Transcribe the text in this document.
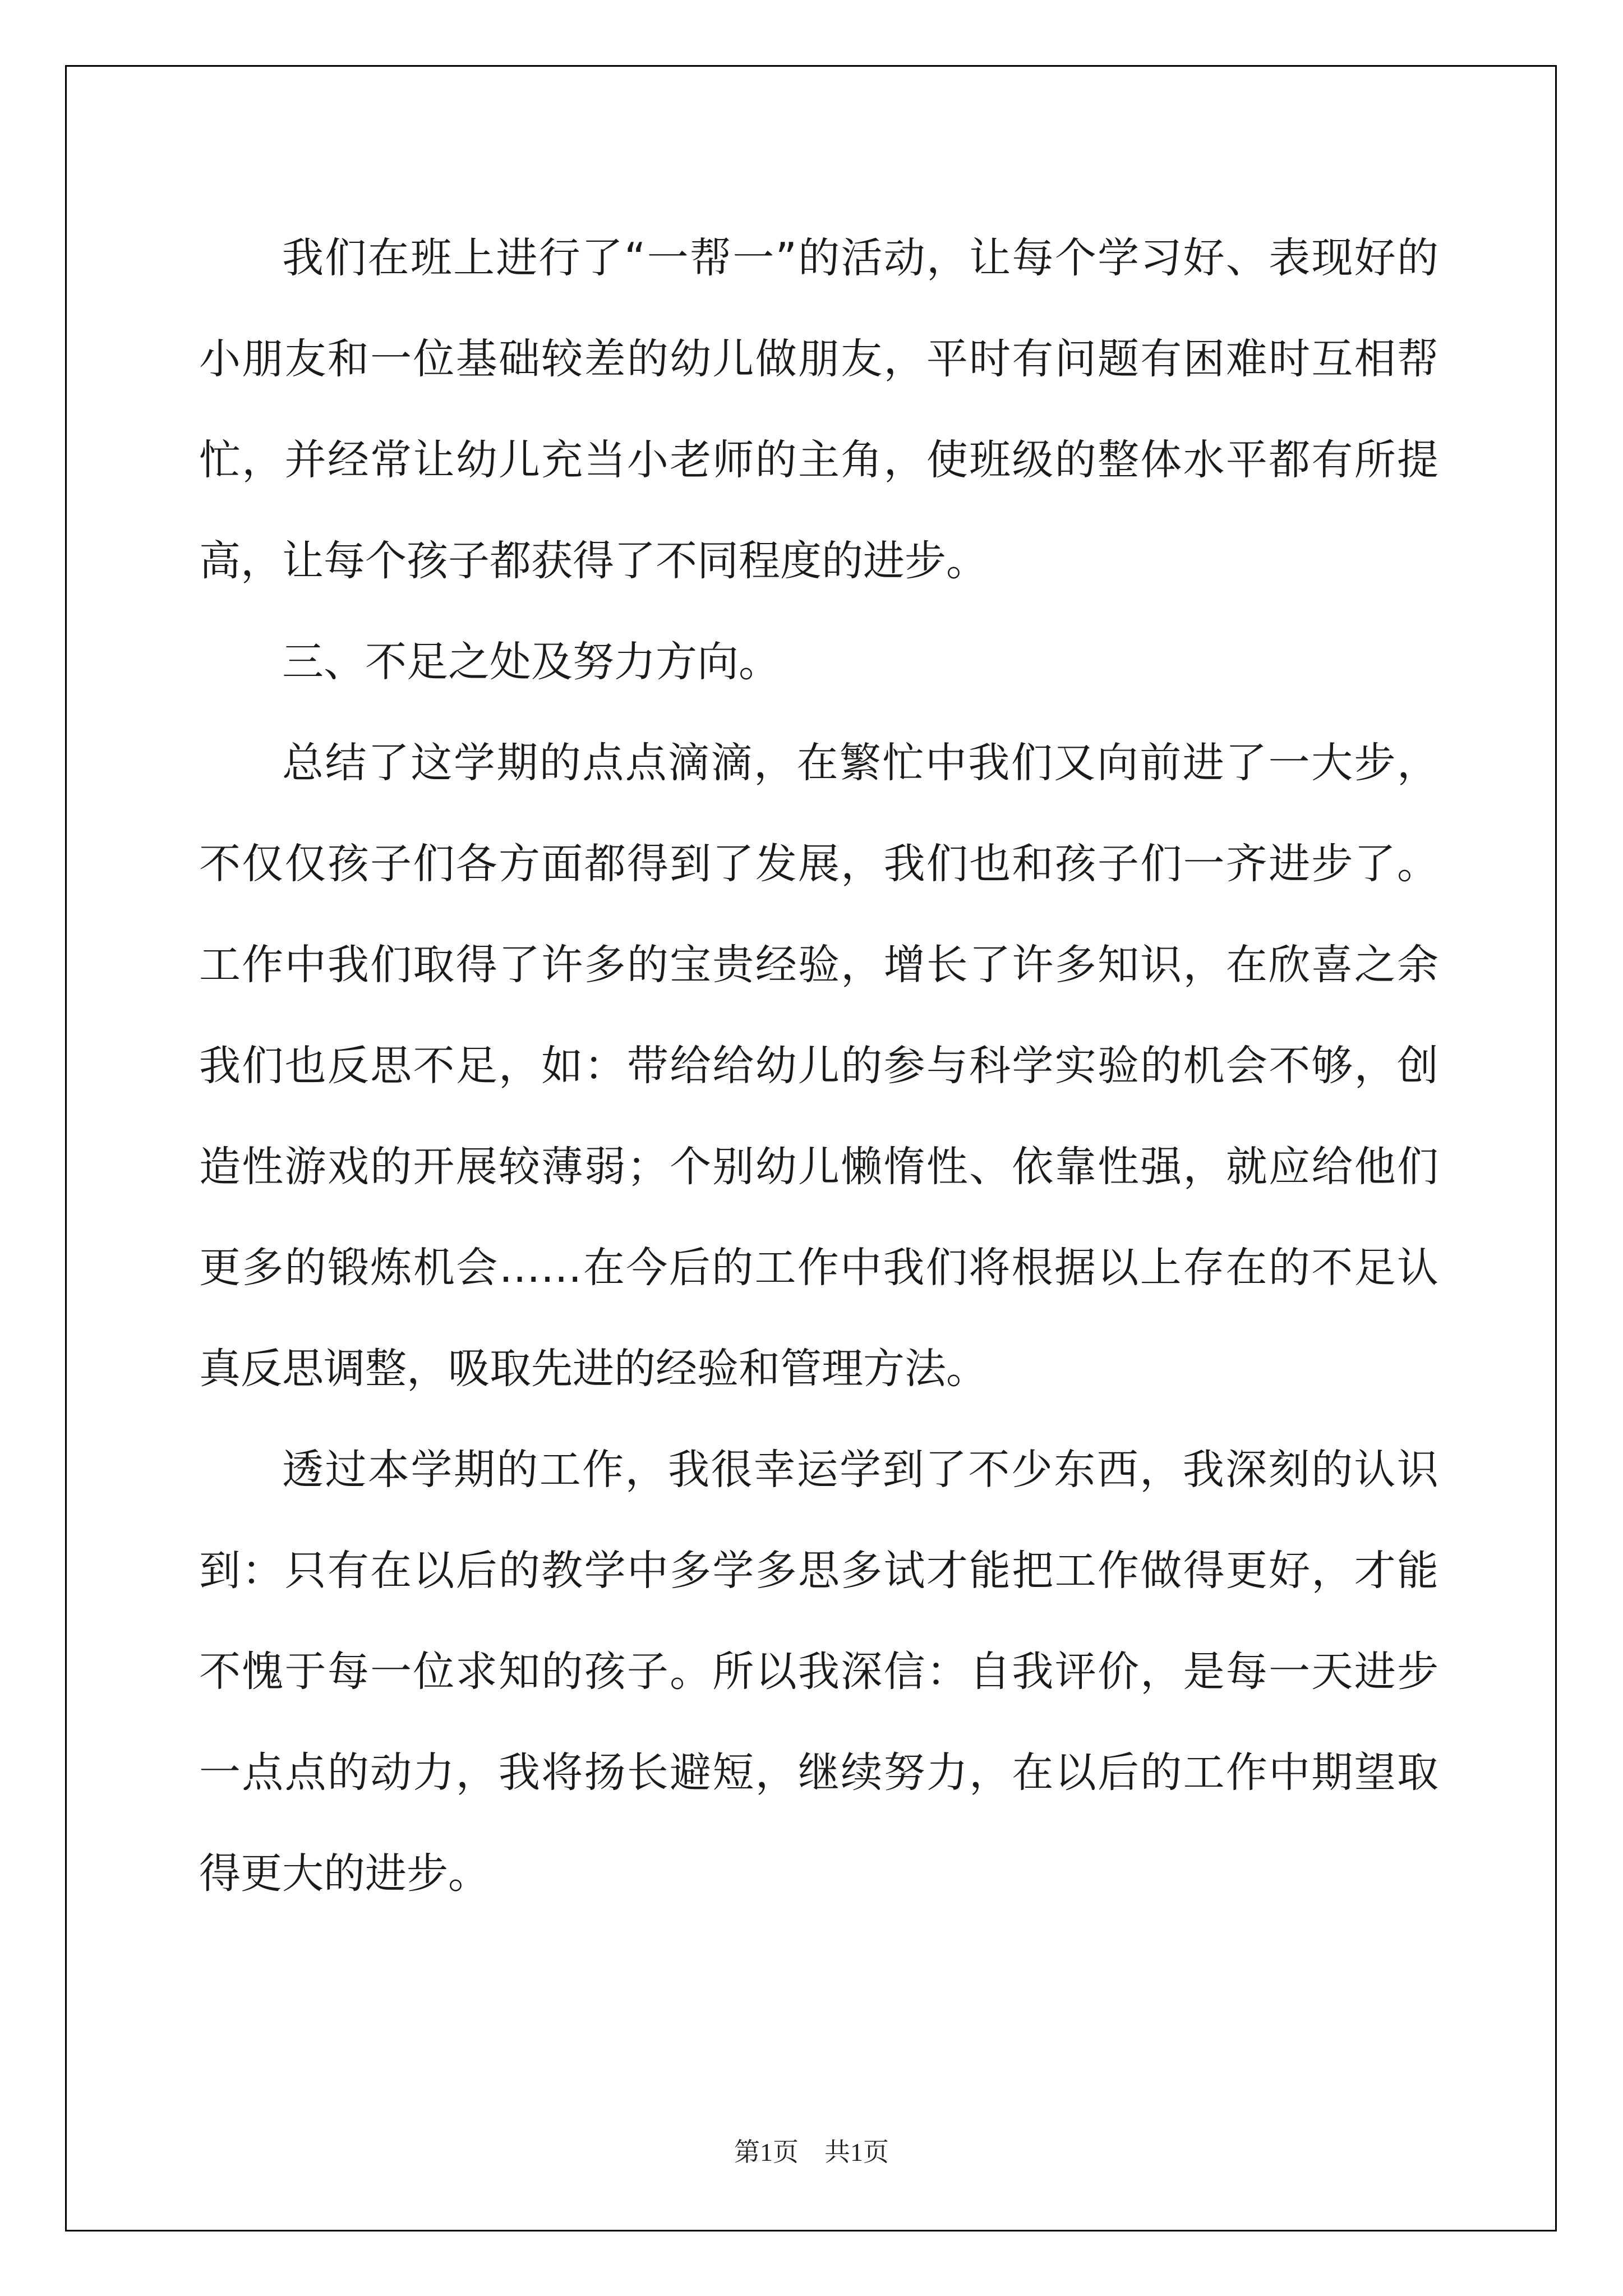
我们在班上进行了“一帮一”的活动，让每个学习好、表现好的小朋友和一位基础较差的幼儿做朋友，平时有问题有困难时互相帮忙，并经常让幼儿充当小老师的主角，使班级的整体水平都有所提高，让每个孩子都获得了不同程度的进步。

三、不足之处及努力方向。

总结了这学期的点点滴滴，在繁忙中我们又向前进了一大步，不仅仅孩子们各方面都得到了发展，我们也和孩子们一齐进步了。工作中我们取得了许多的宝贵经验，增长了许多知识，在欣喜之余我们也反思不足，如：带给给幼儿的参与科学实验的机会不够，创造性游戏的开展较薄弱；个别幼儿懒惰性、依靠性强，就应给他们更多的锻炼机会……在今后的工作中我们将根据以上存在的不足认真反思调整，吸取先进的经验和管理方法。

透过本学期的工作，我很幸运学到了不少东西，我深刻的认识到：只有在以后的教学中多学多思多试才能把工作做得更好，才能不愧于每一位求知的孩子。所以我深信：自我评价，是每一天进步一点点的动力，我将扬长避短，继续努力，在以后的工作中期望取得更大的进步。

第1页　共1页
